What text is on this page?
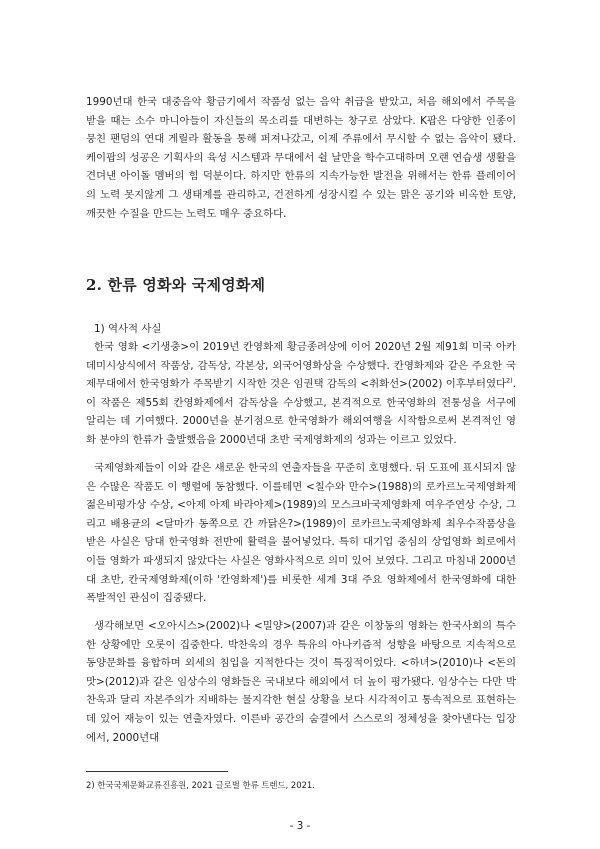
1990년대 한국 대중음악 황금기에서 작품성 없는 음악 취급을 받았고, 처음 해외에서 주목을 받을 때는 소수 마니아들이 자신들의 목소리를 대변하는 창구로 삼았다. K팝은 다양한 인종이 뭉친 팬덤의 연대 게릴라 활동을 통해 퍼져나갔고, 이제 주류에서 무시할 수 없는 음악이 됐다. 케이팝의 성공은 기획사의 육성 시스템과 무대에서 쉴 날만을 학수고대하며 오랜 연습생 생활을 견뎌낸 아이돌 멤버의 힘 덕분이다. 하지만 한류의 지속가능한 발전을 위해서는 한류 플레이어의 노력 못지않게 그 생태계를 관리하고, 건전하게 성장시킬 수 있는 맑은 공기와 비옥한 토양, 깨끗한 수질을 만드는 노력도 매우 중요하다.

2. 한류 영화와 국제영화제

1) 역사적 사실

한국 영화 <기생충>이 2019년 칸영화제 황금종려상에 이어 2020년 2월 제91회 미국 아카데미시상식에서 작품상, 감독상, 각본상, 외국어영화상을 수상했다. 칸영화제와 같은 주요한 국제무대에서 한국영화가 주목받기 시작한 것은 임권택 감독의 <취화선>(2002) 이후부터였다$^{2)}$. 이 작품은 제55회 칸영화제에서 감독상을 수상했고, 본격적으로 한국영화의 전통성을 서구에 알리는 데 기여했다. 2000년을 분기점으로 한국영화가 해외여행을 시작함으로써 본격적인 영화 분야의 한류가 출발했음을 2000년대 초반 국제영화제의 성과는 이르고 있었다.

국제영화제들이 이와 같은 새로운 한국의 연출자들을 꾸준히 호명했다. 뒤 도표에 표시되지 않은 수많은 작품도 이 행렬에 동참했다. 이를테면 <칠수와 만수>(1988)의 로카르노국제영화제 젊은비평가상 수상, <아제 아제 바라아제>(1989)의 모스크바국제영화제 여우주연상 수상, 그리고 배용균의 <달마가 동쪽으로 간 까닭은?>(1989)이 로카르노국제영화제 최우수작품상을 받은 사실은 당대 한국영화 전반에 활력을 불어넣었다. 특히 대기업 중심의 상업영화 회로에서 이들 영화가 파생되지 않았다는 사실은 영화사적으로 의미 있어 보였다. 그리고 마침내 2000년대 초반, 칸국제영화제(이하 '칸영화제')를 비롯한 세계 3대 주요 영화제에서 한국영화에 대한 폭발적인 관심이 집중됐다.

생각해보면 <오아시스>(2002)나 <밀양>(2007)과 같은 이창동의 영화는 한국사회의 특수한 상황에만 오롯이 집중한다. 박찬욱의 경우 특유의 아나키즘적 성향을 바탕으로 지속적으로 동양문화를 융합하며 외세의 침입을 지적한다는 것이 특징적이었다. <하녀>(2010)나 <돈의 맛>(2012)과 같은 임상수의 영화들은 국내보다 해외에서 더 높이 평가됐다. 임상수는 다만 박찬욱과 달리 자본주의가 지배하는 물지각한 현실 상황을 보다 시각적이고 통속적으로 표현하는 데 있어 재능이 있는 연출자였다. 이른바 공간의 숨결에서 스스로의 정체성을 찾아낸다는 입장에서, 2000년대

2) 한국국제문화교류진흥원, 2021 글로벌 한류 트렌드, 2021.

- 3 -
